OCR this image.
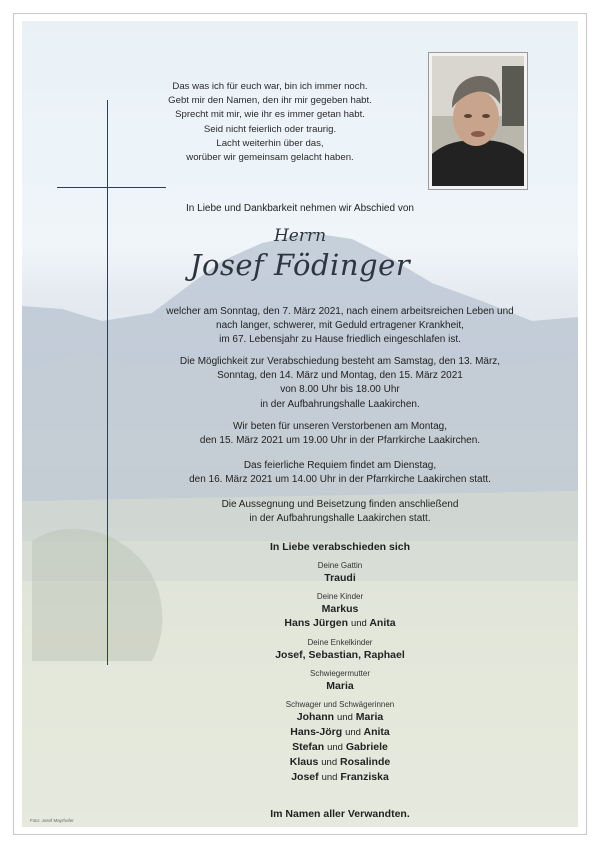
Das was ich für euch war, bin ich immer noch.
Gebt mir den Namen, den ihr mir gegeben habt.
Sprecht mit mir, wie ihr es immer getan habt.
Seid nicht feierlich oder traurig.
Lacht weiterhin über das,
worüber wir gemeinsam gelacht haben.
In Liebe und Dankbarkeit nehmen wir Abschied von
Herrn
Josef Födinger
welcher am Sonntag, den 7. März 2021, nach einem arbeitsreichen Leben und
nach langer, schwerer, mit Geduld ertragener Krankheit,
im 67. Lebensjahr zu Hause friedlich eingeschlafen ist.
Die Möglichkeit zur Verabschiedung besteht am Samstag, den 13. März,
Sonntag, den 14. März und Montag, den 15. März 2021
von 8.00 Uhr bis 18.00 Uhr
in der Aufbahrungshalle Laakirchen.
Wir beten für unseren Verstorbenen am Montag,
den 15. März 2021 um 19.00 Uhr in der Pfarrkirche Laakirchen.
Das feierliche Requiem findet am Dienstag,
den 16. März 2021 um 14.00 Uhr in der Pfarrkirche Laakirchen statt.
Die Aussegnung und Beisetzung finden anschließend
in der Aufbahrungshalle Laakirchen statt.
In Liebe verabschieden sich
Deine Gattin
Traudi
Deine Kinder
Markus
Hans Jürgen und Anita
Deine Enkelkinder
Josef, Sebastian, Raphael
Schwiegermutter
Maria
Schwager und Schwägerinnen
Johann und Maria
Hans-Jörg und Anita
Stefan und Gabriele
Klaus und Rosalinde
Josef und Franziska
Im Namen aller Verwandten.
Foto: Josef Mayrhofer
